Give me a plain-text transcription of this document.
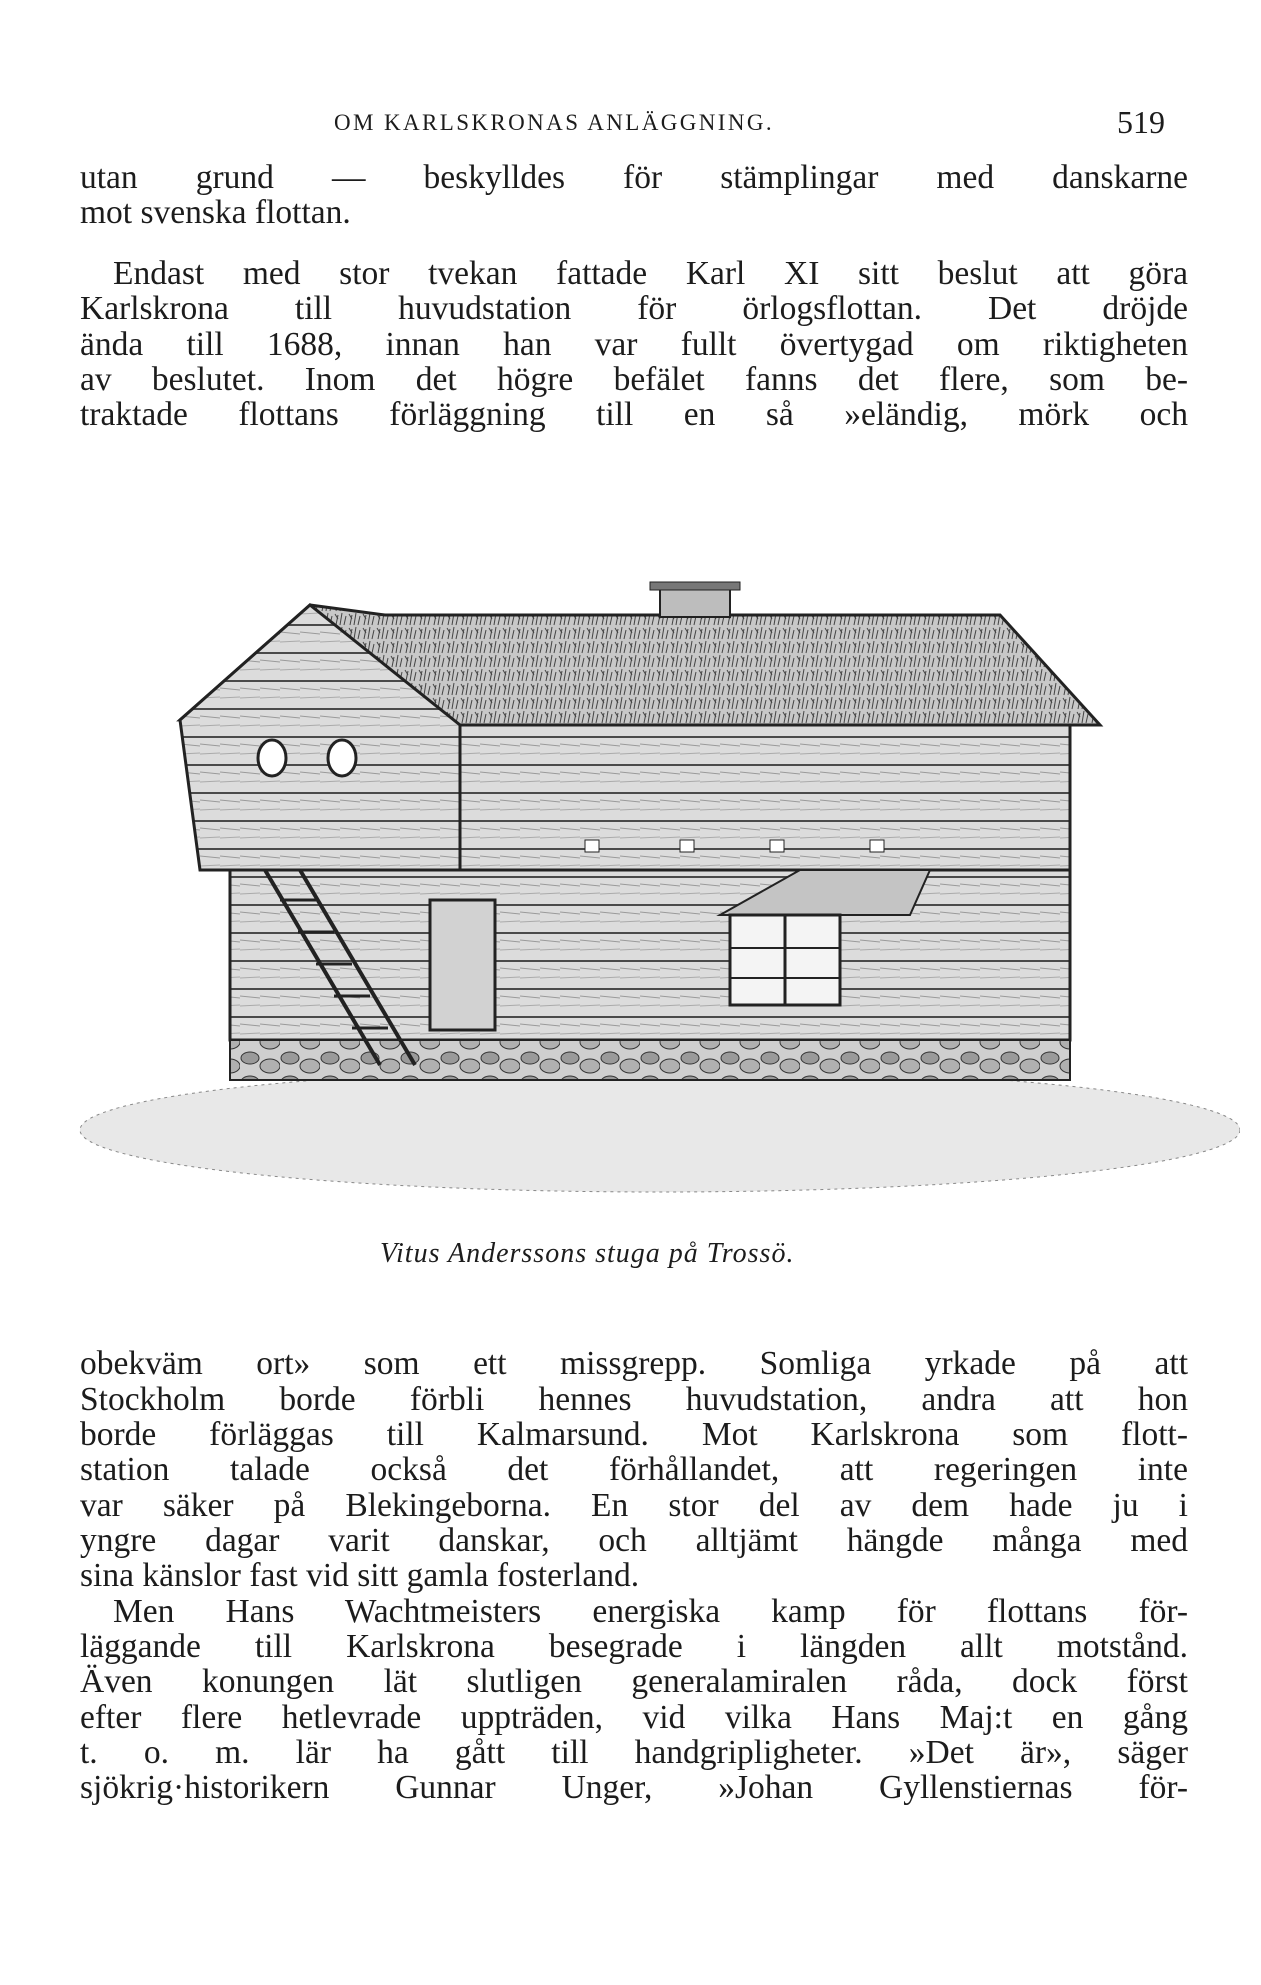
OM KARLSKRONAS ANLÄGGNING.	519
utan grund — beskylldes för stämplingar med danskarne
mot svenska flottan.
Endast med stor tvekan fattade Karl XI sitt beslut att göra
Karlskrona till huvudstation för örlogsflottan. Det dröjde
ända till 1688, innan han var fullt övertygad om riktigheten
av beslutet. Inom det högre befälet fanns det flere, som be-
traktade flottans förläggning till en så »eländig, mörk och
Vitus Anderssons stuga på Trossö.
obekväm ort» som ett missgrepp. Somliga yrkade på att
Stockholm borde förbli hennes huvudstation, andra att hon
borde förläggas till Kalmarsund. Mot Karlskrona som flott-
station talade också det förhållandet, att regeringen inte
var säker på Blekingeborna. En stor del av dem hade ju i
yngre dagar varit danskar, och alltjämt hängde många med
sina känslor fast vid sitt gamla fosterland.
Men Hans Wachtmeisters energiska kamp för flottans för-
läggande till Karlskrona besegrade i längden allt motstånd.
Även konungen lät slutligen generalamiralen råda, dock först
efter flere hetlevrade uppträden, vid vilka Hans Maj:t en gång
t. o. m. lär ha gått till handgripligheter. »Det är», säger
sjökrig·historikern Gunnar Unger, »Johan Gyllenstiernas för-
